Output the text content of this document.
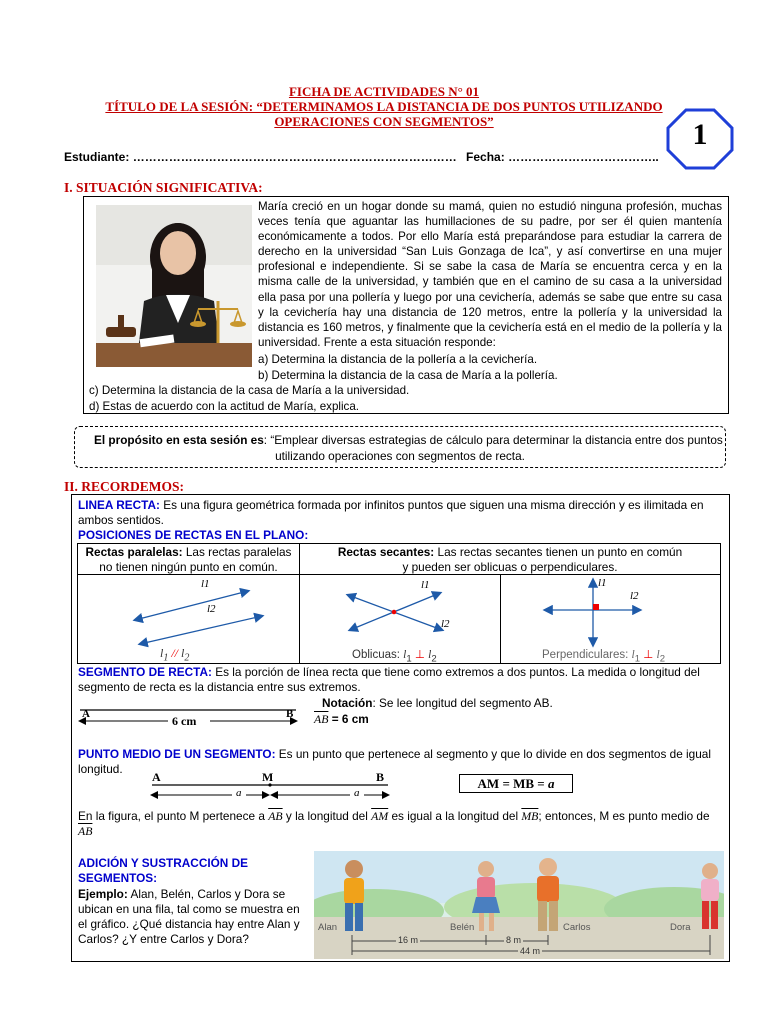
FICHA DE ACTIVIDADES N° 01
TÍTULO DE LA SESIÓN: “DETERMINAMOS LA DISTANCIA DE DOS PUNTOS UTILIZANDO
OPERACIONES CON SEGMENTOS”	1
Estudiante: ……………………………………………………………………… Fecha: ………………………………..
I. SITUACIÓN SIGNIFICATIVA:
María creció en un hogar donde su mamá, quien no estudió ninguna profesión, muchas veces tenía que aguantar las humillaciones de su padre, por ser él quien mantenía económicamente a todos. Por ello María está preparándose para estudiar la carrera de derecho en la universidad “San Luis Gonzaga de Ica”, y así convertirse en una mujer profesional e independiente. Si se sabe la casa de María se encuentra cerca y en la misma calle de la universidad, y también que en el camino de su casa a la universidad ella pasa por una pollería y luego por una cevichería, además se sabe que entre su casa y la cevichería hay una distancia de 120 metros, entre la pollería y la universidad la distancia es 160 metros, y finalmente que la cevichería está en el medio de la pollería y la universidad. Frente a esta situación responde:
a) Determina la distancia de la pollería a la cevichería.
b) Determina la distancia de la casa de María a la pollería.
c) Determina la distancia de la casa de María a la universidad.
d) Estas de acuerdo con la actitud de María, explica.
El propósito en esta sesión es: “Emplear diversas estrategias de cálculo para determinar la distancia entre dos puntos
utilizando operaciones con segmentos de recta.
II. RECORDEMOS:
LINEA RECTA: Es una figura geométrica formada por infinitos puntos que siguen una misma dirección y es ilimitada en ambos sentidos.
POSICIONES DE RECTAS EN EL PLANO:
Rectas paralelas: Las rectas paralelas
no tienen ningún punto en común.
Rectas secantes: Las rectas secantes tienen un punto en común
y pueden ser oblicuas o perpendiculares.
l1
l2
$l_1 // l_2$
l1
l2
Oblicuas: $l_1$ ⊥ $l_2$
l1
l2
Perpendiculares: $l_1$ ⊥ $l_2$
SEGMENTO DE RECTA: Es la porción de línea recta que tiene como extremos a dos puntos. La medida o longitud del segmento de recta es la distancia entre sus extremos.
A	B
6 cm
Notación: Se lee longitud del segmento AB.
$\overline{AB} = 6$ cm
PUNTO MEDIO DE UN SEGMENTO: Es un punto que pertenece al segmento y que lo divide en dos segmentos de igual longitud.
A	M	B
a	a
AM = MB = a
En la figura, el punto M pertenece a $\overline{AB}$ y la longitud del $\overline{AM}$ es igual a la longitud del $\overline{MB}$; entonces, M es punto medio de $\overline{AB}$
ADICIÓN Y SUSTRACCIÓN DE SEGMENTOS:
Ejemplo: Alan, Belén, Carlos y Dora se ubican en una fila, tal como se muestra en el gráfico. ¿Qué distancia hay entre Alan y Carlos? ¿Y entre Carlos y Dora?
Alan	Belén	Carlos	Dora
16 m	8 m
44 m
